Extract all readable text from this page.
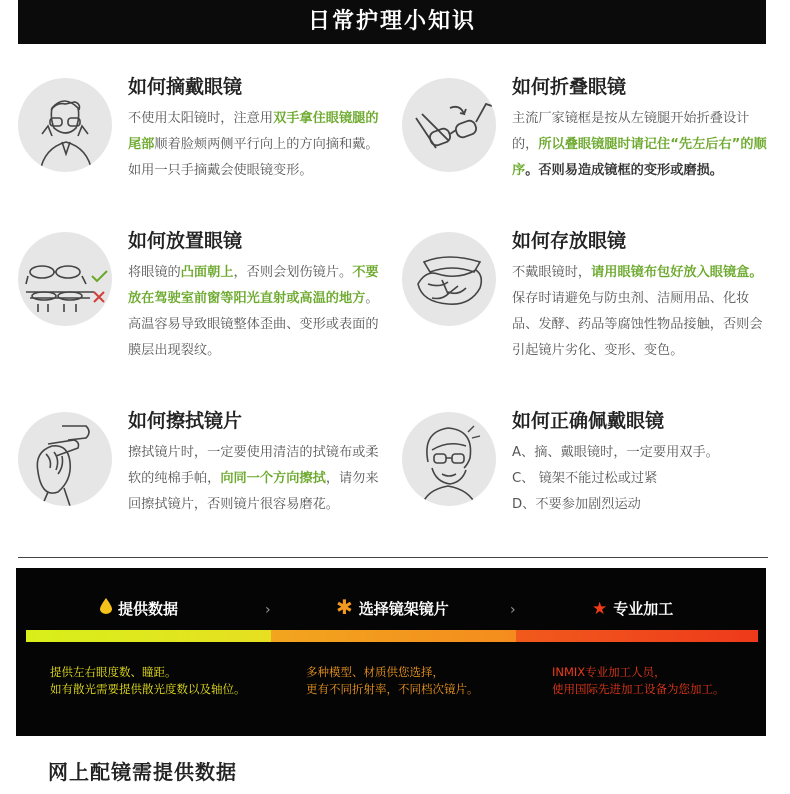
日常护理小知识
如何摘戴眼镜
不使用太阳镜时，注意用双手拿住眼镜腿的尾部顺着脸颊两侧平行向上的方向摘和戴。如用一只手摘戴会使眼镜变形。
如何折叠眼镜
主流厂家镜框是按从左镜腿开始折叠设计的，所以叠眼镜腿时请记住“先左后右”的顺序。否则易造成镜框的变形或磨损。
如何放置眼镜
将眼镜的凸面朝上，否则会划伤镜片。不要放在驾驶室前窗等阳光直射或高温的地方。高温容易导致眼镜整体歪曲、变形或表面的膜层出现裂纹。
如何存放眼镜
不戴眼镜时，请用眼镜布包好放入眼镜盒。保存时请避免与防虫剂、洁厕用品、化妆品、发酵、药品等腐蚀性物品接触，否则会引起镜片劣化、变形、变色。
如何擦拭镜片
擦拭镜片时，一定要使用清洁的拭镜布或柔软的纯棉手帕，向同一个方向擦拭，请勿来回擦拭镜片，否则镜片很容易磨花。
如何正确佩戴眼镜
A、摘、戴眼镜时，一定要用双手。
C、 镜架不能过松或过紧
D、不要参加剧烈运动
提供数据	›	✱ 选择镜架镜片	›	★ 专业加工
提供左右眼度数、瞳距。
如有散光需要提供散光度数以及轴位。
多种模型、材质供您选择，
更有不同折射率，不同档次镜片。
INMIX专业加工人员，
使用国际先进加工设备为您加工。
网上配镜需提供数据
